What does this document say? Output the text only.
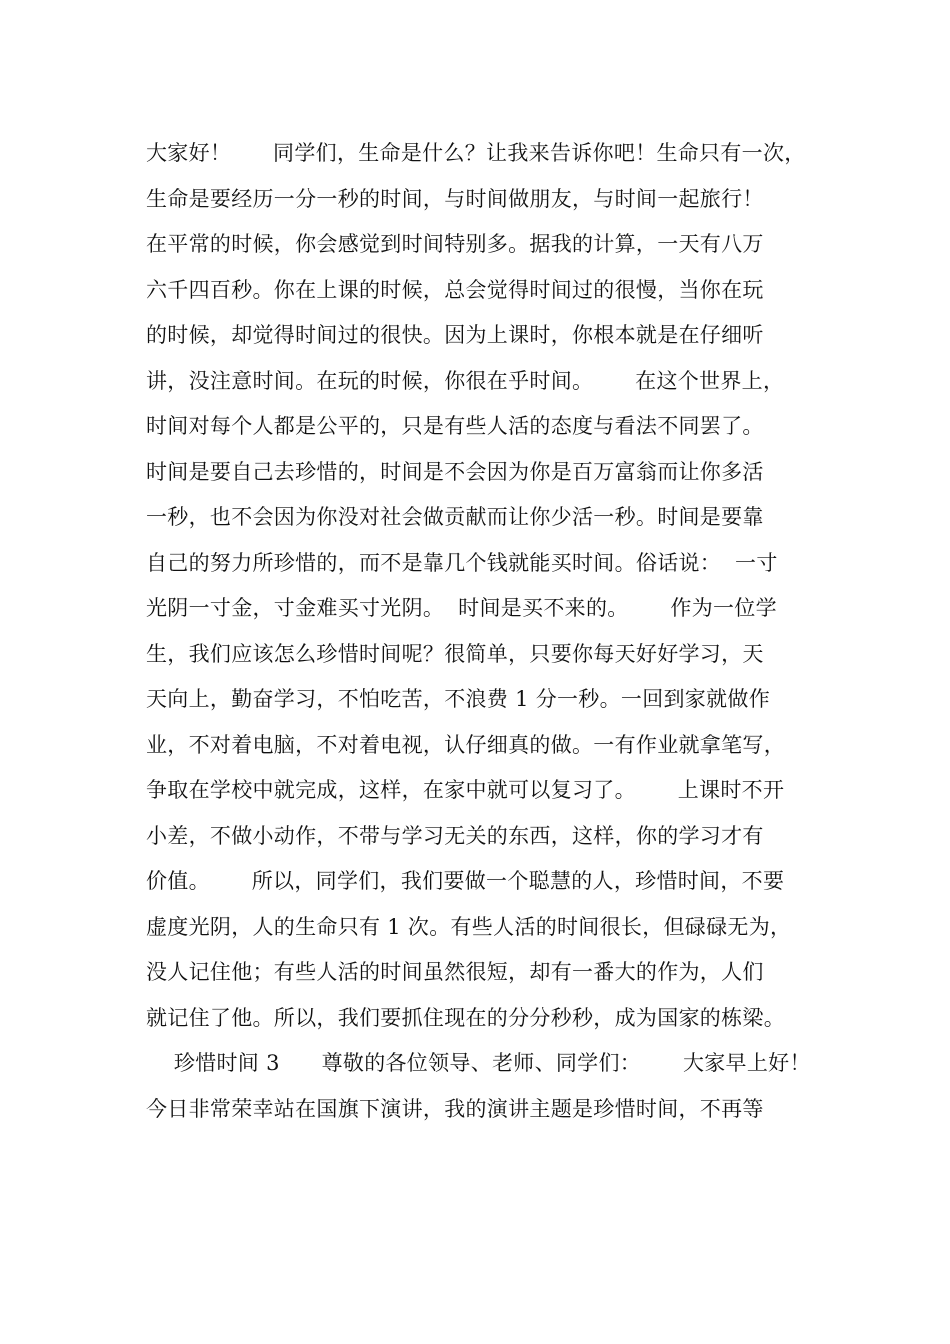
大家好！      同学们，生命是什么？让我来告诉你吧！生命只有一次，
生命是要经历一分一秒的时间，与时间做朋友，与时间一起旅行！
在平常的时候，你会感觉到时间特别多。据我的计算，一天有八万
六千四百秒。你在上课的时候，总会觉得时间过的很慢，当你在玩
的时候，却觉得时间过的很快。因为上课时，你根本就是在仔细听
讲，没注意时间。在玩的时候，你很在乎时间。      在这个世界上，
时间对每个人都是公平的，只是有些人活的态度与看法不同罢了。
时间是要自己去珍惜的，时间是不会因为你是百万富翁而让你多活
一秒，也不会因为你没对社会做贡献而让你少活一秒。时间是要靠
自己的努力所珍惜的，而不是靠几个钱就能买时间。俗话说：  一寸
光阴一寸金，寸金难买寸光阴。  时间是买不来的。      作为一位学
生，我们应该怎么珍惜时间呢？很简单，只要你每天好好学习，天
天向上，勤奋学习，不怕吃苦，不浪费 1 分一秒。一回到家就做作
业，不对着电脑，不对着电视，认仔细真的做。一有作业就拿笔写，
争取在学校中就完成，这样，在家中就可以复习了。      上课时不开
小差，不做小动作，不带与学习无关的东西，这样，你的学习才有
价值。      所以，同学们，我们要做一个聪慧的人，珍惜时间，不要
虚度光阴，人的生命只有 1 次。有些人活的时间很长，但碌碌无为，
没人记住他；有些人活的时间虽然很短，却有一番大的作为，人们
就记住了他。所以，我们要抓住现在的分分秒秒，成为国家的栋梁。
珍惜时间 3      尊敬的各位领导、老师、同学们：      大家早上好！
今日非常荣幸站在国旗下演讲，我的演讲主题是珍惜时间，不再等
